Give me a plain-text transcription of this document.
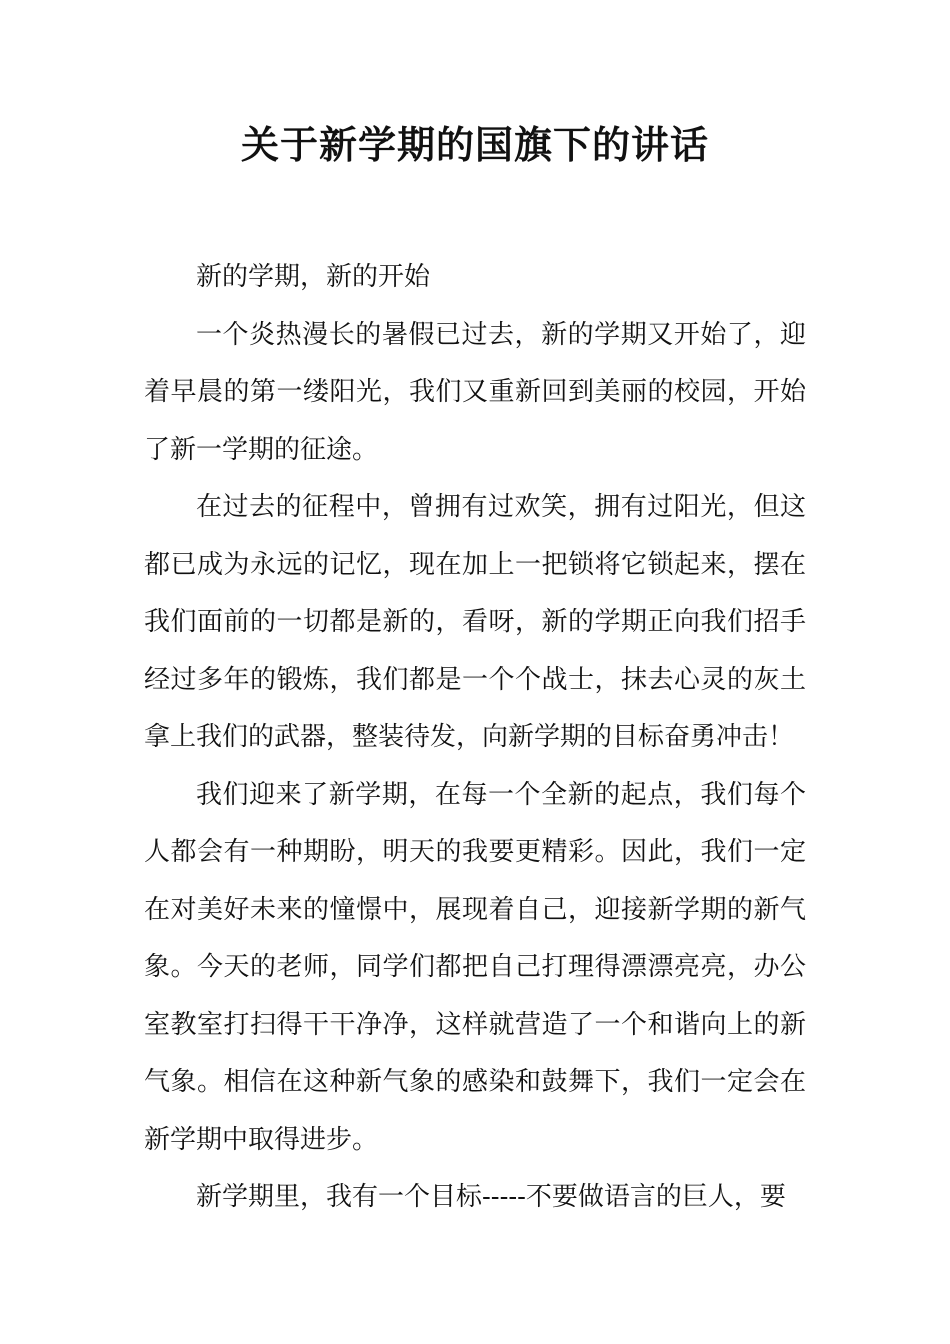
关于新学期的国旗下的讲话

新的学期，新的开始

一个炎热漫长的暑假已过去，新的学期又开始了，迎着早晨的第一缕阳光，我们又重新回到美丽的校园，开始了新一学期的征途。

在过去的征程中，曾拥有过欢笑，拥有过阳光，但这都已成为永远的记忆，现在加上一把锁将它锁起来，摆在我们面前的一切都是新的，看呀，新的学期正向我们招手经过多年的锻炼，我们都是一个个战士，抹去心灵的灰土拿上我们的武器，整装待发，向新学期的目标奋勇冲击！

我们迎来了新学期，在每一个全新的起点，我们每个人都会有一种期盼，明天的我要更精彩。因此，我们一定在对美好未来的憧憬中，展现着自己，迎接新学期的新气象。今天的老师，同学们都把自己打理得漂漂亮亮，办公室教室打扫得干干净净，这样就营造了一个和谐向上的新气象。相信在这种新气象的感染和鼓舞下，我们一定会在新学期中取得进步。

新学期里，我有一个目标-----不要做语言的巨人，要
